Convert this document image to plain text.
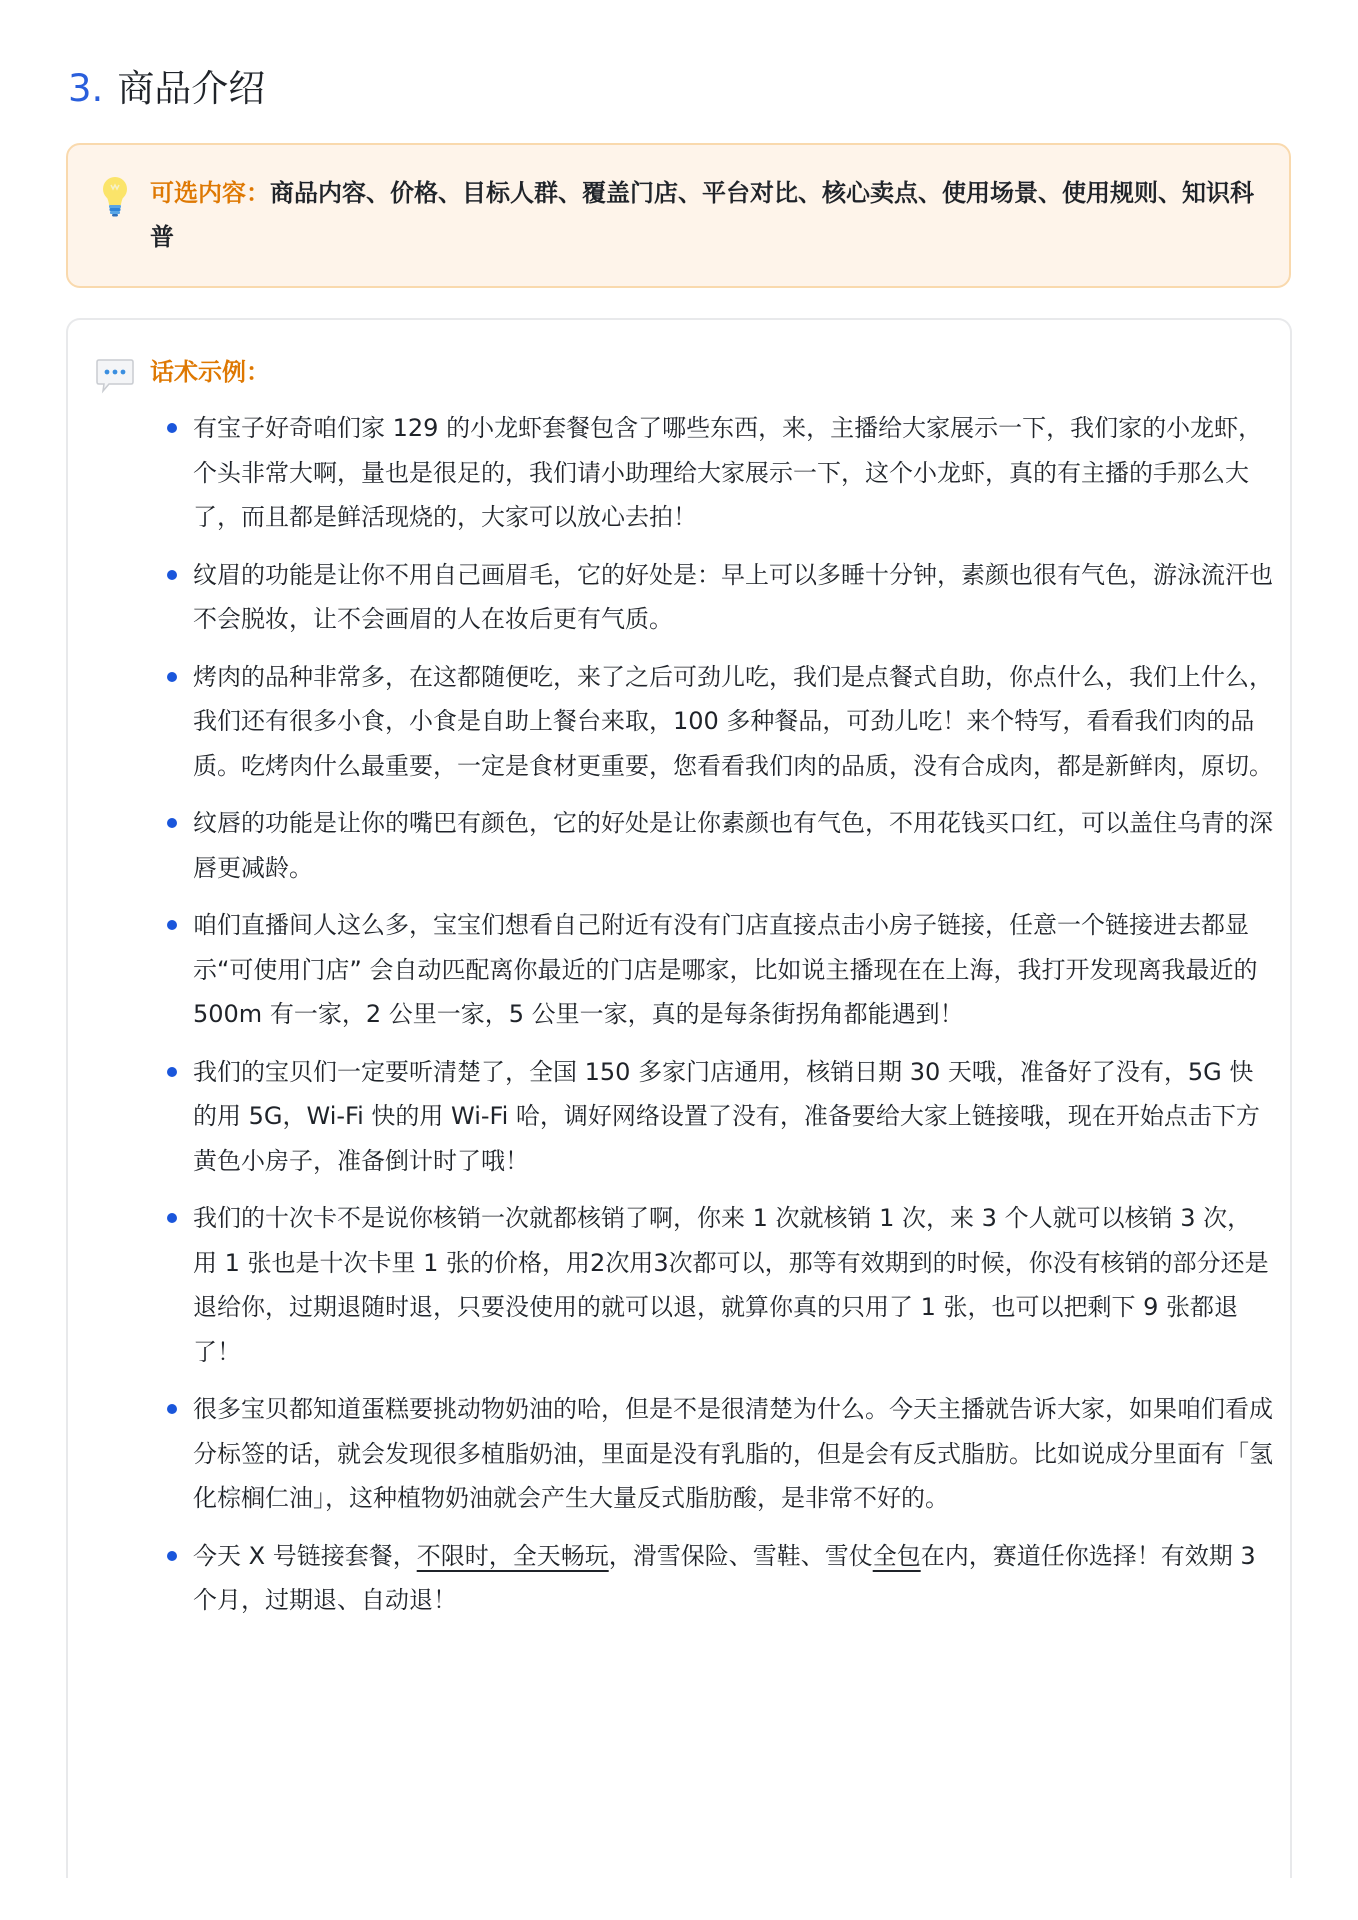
3. 商品介绍
可选内容：商品内容、价格、目标人群、覆盖门店、平台对比、核心卖点、使用场景、使用规则、知识科普
话术示例：
有宝子好奇咱们家 129 的小龙虾套餐包含了哪些东西，来，主播给大家展示一下，我们家的小龙虾，个头非常大啊，量也是很足的，我们请小助理给大家展示一下，这个小龙虾，真的有主播的手那么大了，而且都是鲜活现烧的，大家可以放心去拍！
纹眉的功能是让你不用自己画眉毛，它的好处是：早上可以多睡十分钟，素颜也很有气色，游泳流汗也不会脱妆，让不会画眉的人在妆后更有气质。
烤肉的品种非常多，在这都随便吃，来了之后可劲儿吃，我们是点餐式自助，你点什么，我们上什么，我们还有很多小食，小食是自助上餐台来取，100 多种餐品，可劲儿吃！来个特写，看看我们肉的品质。吃烤肉什么最重要，一定是食材更重要，您看看我们肉的品质，没有合成肉，都是新鲜肉，原切。
纹唇的功能是让你的嘴巴有颜色，它的好处是让你素颜也有气色，不用花钱买口红，可以盖住乌青的深唇更减龄。
咱们直播间人这么多，宝宝们想看自己附近有没有门店直接点击小房子链接，任意一个链接进去都显示“可使用门店” 会自动匹配离你最近的门店是哪家，比如说主播现在在上海，我打开发现离我最近的 500m 有一家，2 公里一家，5 公里一家，真的是每条街拐角都能遇到！
我们的宝贝们一定要听清楚了，全国 150 多家门店通用，核销日期 30 天哦，准备好了没有，5G 快的用 5G，Wi-Fi 快的用 Wi-Fi 哈，调好网络设置了没有，准备要给大家上链接哦，现在开始点击下方黄色小房子，准备倒计时了哦！
我们的十次卡不是说你核销一次就都核销了啊，你来 1 次就核销 1 次，来 3 个人就可以核销 3 次，用 1 张也是十次卡里 1 张的价格，用2次用3次都可以，那等有效期到的时候，你没有核销的部分还是退给你，过期退随时退，只要没使用的就可以退，就算你真的只用了 1 张，也可以把剩下 9 张都退了！
很多宝贝都知道蛋糕要挑动物奶油的哈，但是不是很清楚为什么。今天主播就告诉大家，如果咱们看成分标签的话，就会发现很多植脂奶油，里面是没有乳脂的，但是会有反式脂肪。比如说成分里面有「氢化棕榈仁油」，这种植物奶油就会产生大量反式脂肪酸，是非常不好的。
今天 X 号链接套餐，不限时，全天畅玩，滑雪保险、雪鞋、雪仗全包在内，赛道任你选择！有效期 3 个月，过期退、自动退！
